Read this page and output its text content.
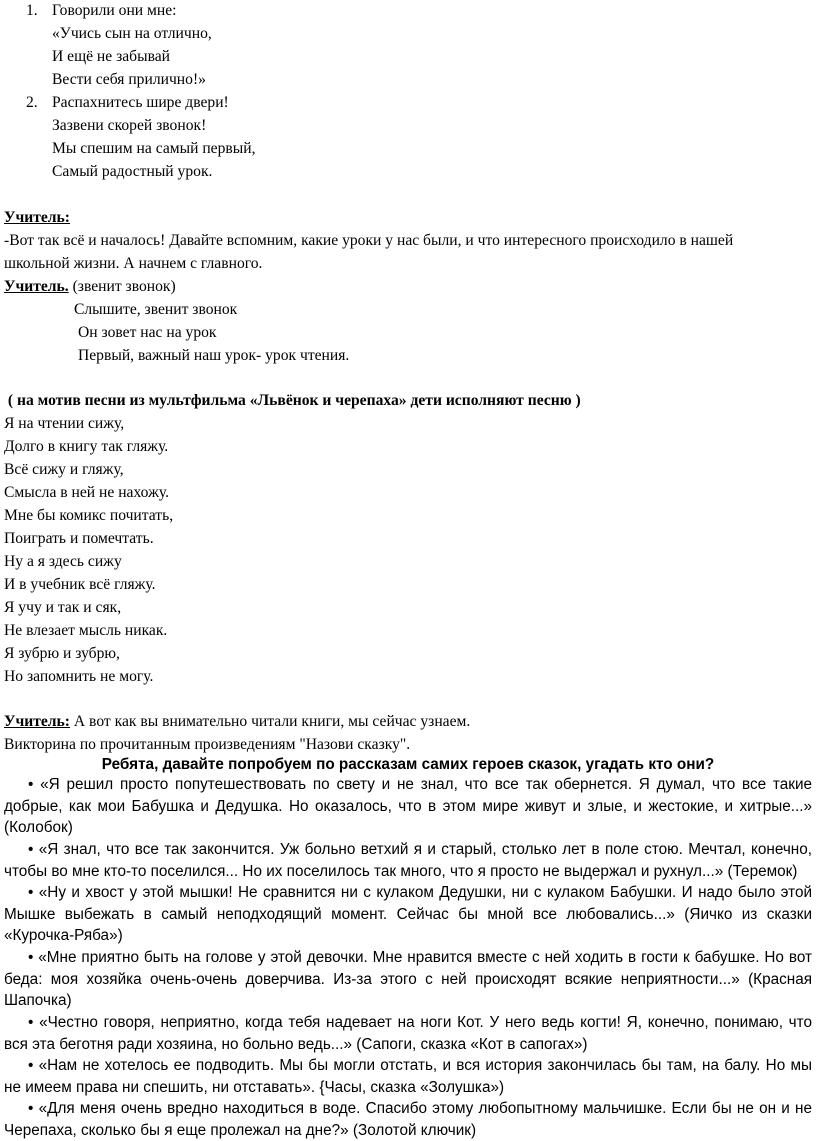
1. Говорили они мне:
«Учись сын на отлично,
И ещё не забывай
Вести себя прилично!»
2. Распахнитесь шире двери!
Зазвени скорей звонок!
Мы спешим на самый первый,
Самый радостный урок.
Учитель:
-Вот так всё и началось! Давайте вспомним, какие уроки у нас были, и что интересного происходило в нашей
школьной жизни. А начнем с главного.
Учитель. (звенит звонок)
Слышите, звенит звонок
Он зовет нас на урок
Первый, важный наш урок- урок чтения.
( на мотив песни из мультфильма «Львёнок и черепаха» дети исполняют песню )
Я на чтении сижу,
Долго в книгу так гляжу.
Всё сижу и гляжу,
Смысла в ней не нахожу.
Мне бы комикс почитать,
Поиграть и помечтать.
Ну а я здесь сижу
И в учебник всё гляжу.
Я учу и так и сяк,
Не влезает мысль никак.
Я зубрю и зубрю,
Но запомнить не могу.
Учитель: А вот как вы внимательно читали книги, мы сейчас узнаем.
Викторина по прочитанным произведениям "Назови сказку".
Ребята, давайте попробуем по рассказам самих героев сказок, угадать кто они?
• «Я решил просто попутешествовать по свету и не знал, что все так обернется. Я думал, что все такие добрые, как мои Бабушка и Дедушка. Но оказалось, что в этом мире живут и злые, и жестокие, и хитрые...» (Колобок)
• «Я знал, что все так закончится. Уж больно ветхий я и старый, столько лет в поле стою. Мечтал, конечно, чтобы во мне кто-то поселился... Но их поселилось так много, что я просто не выдержал и рухнул...» (Теремок)
• «Ну и хвост у этой мышки! Не сравнится ни с кулаком Дедушки, ни с кулаком Бабушки. И надо было этой Мышке выбежать в самый неподходящий момент. Сейчас бы мной все любовались...» (Яичко из сказки «Курочка-Ряба»)
• «Мне приятно быть на голове у этой девочки. Мне нравится вместе с ней ходить в гости к бабушке. Но вот беда: моя хозяйка очень-очень доверчива. Из-за этого с ней происходят всякие неприятности...» (Красная Шапочка)
• «Честно говоря, неприятно, когда тебя надевает на ноги Кот. У него ведь когти! Я, конечно, понимаю, что вся эта беготня ради хозяина, но больно ведь...» (Сапоги, сказка «Кот в сапогах»)
• «Нам не хотелось ее подводить. Мы бы могли отстать, и вся история закончилась бы там, на балу. Но мы не имеем права ни спешить, ни отставать». {Часы, сказка «Золушка»)
• «Для меня очень вредно находиться в воде. Спасибо этому любопытному мальчишке. Если бы не он и не Черепаха, сколько бы я еще пролежал на дне?» (Золотой ключик)
